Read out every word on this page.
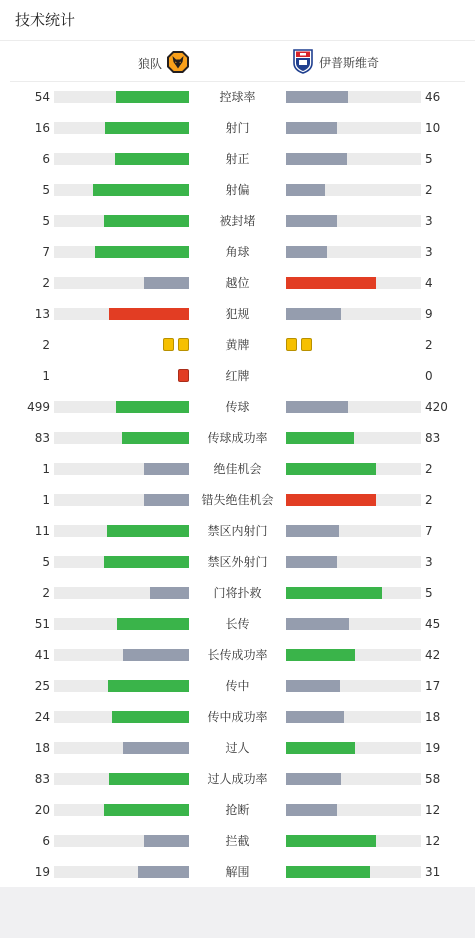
技术统计
狼队	伊普斯维奇
54	控球率	46
16	射门	10
6	射正	5
5	射偏	2
5	被封堵	3
7	角球	3
2	越位	4
13	犯规	9
2	黄牌	2
1	红牌	0
499	传球	420
83	传球成功率	83
1	绝佳机会	2
1	错失绝佳机会	2
11	禁区内射门	7
5	禁区外射门	3
2	门将扑救	5
51	长传	45
41	长传成功率	42
25	传中	17
24	传中成功率	18
18	过人	19
83	过人成功率	58
20	抢断	12
6	拦截	12
19	解围	31
